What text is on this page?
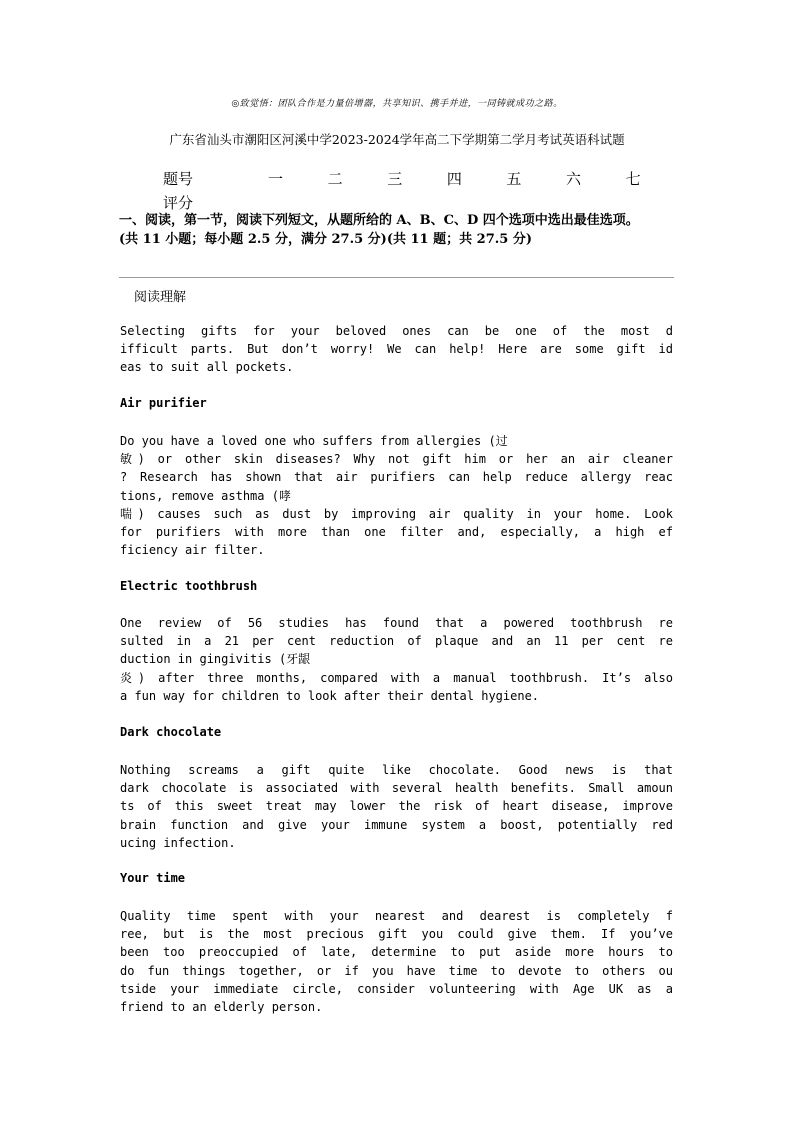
◎致觉悟：团队合作是力量倍增器，共享知识、携手并进，一同铸就成功之路。
广东省汕头市潮阳区河溪中学2023-2024学年高二下学期第二学月考试英语科试题
题号	一	二	三	四	五	六	七
评分
一、阅读，第一节，阅读下列短文，从题所给的 A、B、C、D 四个选项中选出最佳选项。
(共 11 小题；每小题 2.5 分，满分 27.5 分)(共 11 题；共 27.5 分)
阅读理解
Selecting gifts for your beloved ones can be one of the most d
ifficult parts. But don’t worry! We can help! Here are some gift id
eas to suit all pockets.
Air purifier
Do you have a loved one who suffers from allergies (过
敏) or other skin diseases? Why not gift him or her an air cleaner
? Research has shown that air purifiers can help reduce allergy reac
tions, remove asthma (哮
喘) causes such as dust by improving air quality in your home. Look
for purifiers with more than one filter and, especially, a high ef
ficiency air filter.
Electric toothbrush
One review of 56 studies has found that a powered toothbrush re
sulted in a 21 per cent reduction of plaque and an 11 per cent re
duction in gingivitis (牙龈
炎) after three months, compared with a manual toothbrush. It’s also
a fun way for children to look after their dental hygiene.
Dark chocolate
Nothing screams a gift quite like chocolate. Good news is that
dark chocolate is associated with several health benefits. Small amoun
ts of this sweet treat may lower the risk of heart disease, improve
brain function and give your immune system a boost, potentially red
ucing infection.
Your time
Quality time spent with your nearest and dearest is completely f
ree, but is the most precious gift you could give them. If you’ve
been too preoccupied of late, determine to put aside more hours to
do fun things together, or if you have time to devote to others ou
tside your immediate circle, consider volunteering with Age UK as a
friend to an elderly person.
